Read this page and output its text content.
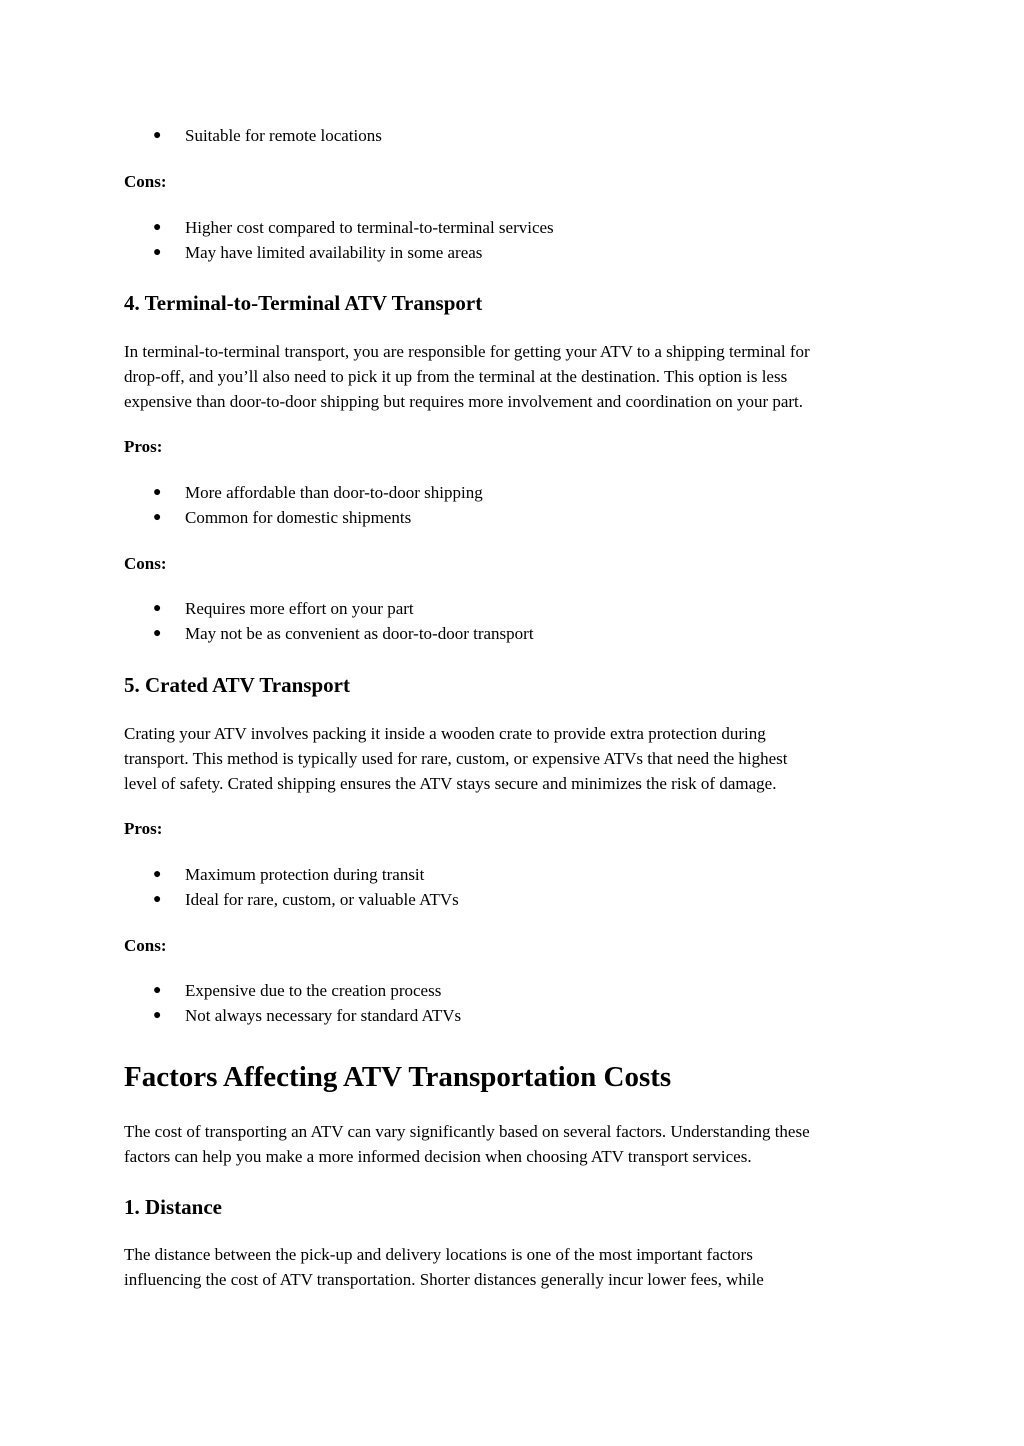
● Suitable for remote locations
Cons:
● Higher cost compared to terminal-to-terminal services
● May have limited availability in some areas
4. Terminal-to-Terminal ATV Transport
In terminal-to-terminal transport, you are responsible for getting your ATV to a shipping terminal for
drop-off, and you’ll also need to pick it up from the terminal at the destination. This option is less
expensive than door-to-door shipping but requires more involvement and coordination on your part.
Pros:
● More affordable than door-to-door shipping
● Common for domestic shipments
Cons:
● Requires more effort on your part
● May not be as convenient as door-to-door transport
5. Crated ATV Transport
Crating your ATV involves packing it inside a wooden crate to provide extra protection during
transport. This method is typically used for rare, custom, or expensive ATVs that need the highest
level of safety. Crated shipping ensures the ATV stays secure and minimizes the risk of damage.
Pros:
● Maximum protection during transit
● Ideal for rare, custom, or valuable ATVs
Cons:
● Expensive due to the creation process
● Not always necessary for standard ATVs
Factors Affecting ATV Transportation Costs
The cost of transporting an ATV can vary significantly based on several factors. Understanding these
factors can help you make a more informed decision when choosing ATV transport services.
1. Distance
The distance between the pick-up and delivery locations is one of the most important factors
influencing the cost of ATV transportation. Shorter distances generally incur lower fees, while
